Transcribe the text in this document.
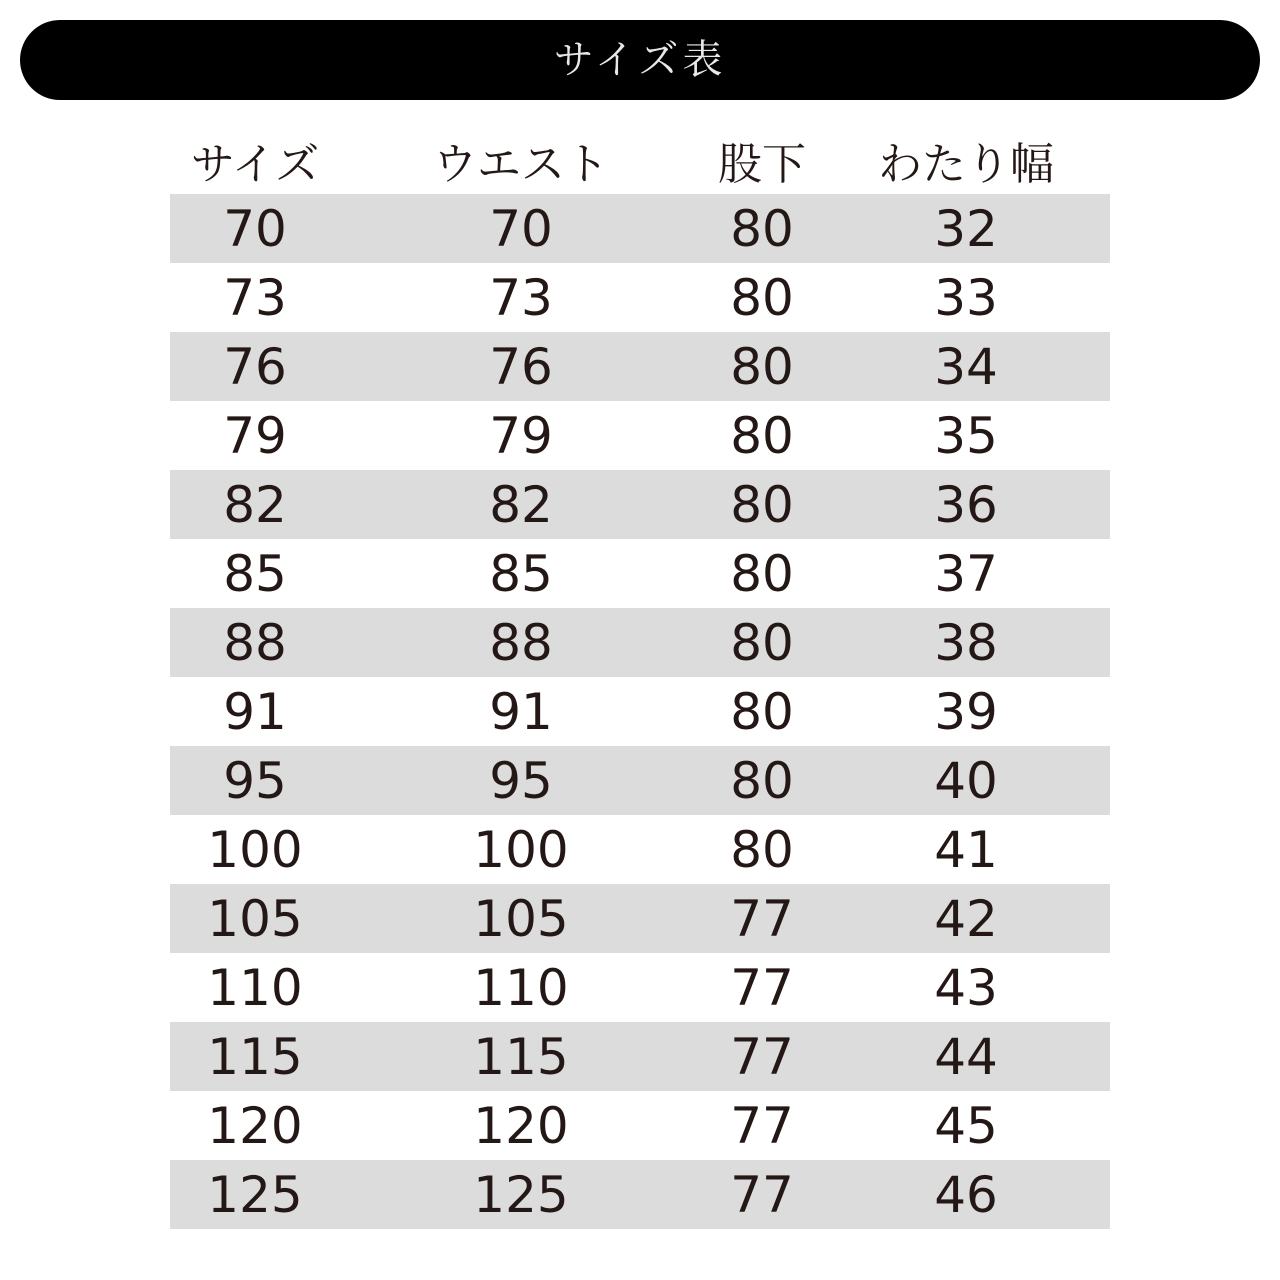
サイズ表
サイズ	ウエスト	股下	わたり幅
70	70	80	32
73	73	80	33
76	76	80	34
79	79	80	35
82	82	80	36
85	85	80	37
88	88	80	38
91	91	80	39
95	95	80	40
100	100	80	41
105	105	77	42
110	110	77	43
115	115	77	44
120	120	77	45
125	125	77	46
